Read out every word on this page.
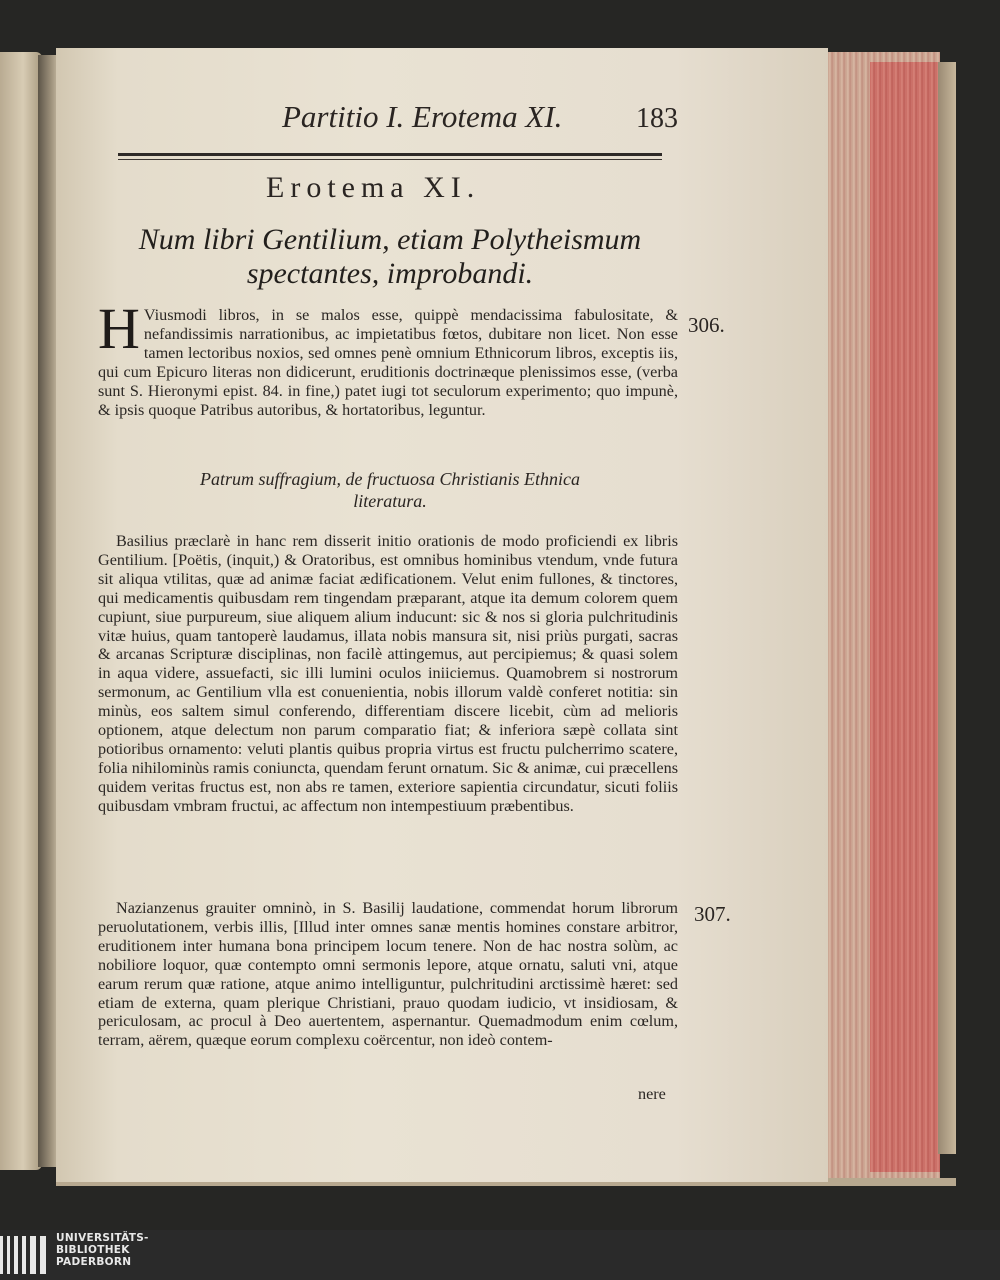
Partitio I. Erotema XI.	183
Erotema XI.
Num libri Gentilium, etiam Polytheismum
spectantes, improbandi.
H Viusmodi libros, in se malos esse, quippè mendacissima fabulositate, & nefandissimis narrationibus, ac impietatibus fœtos, dubitare non licet. Non esse tamen lectoribus noxios, sed omnes penè omnium Ethnicorum libros, exceptis iis, qui cum Epicuro literas non didicerunt, eruditionis doctrinæque plenissimos esse, (verba sunt S. Hieronymi epist. 84. in fine,) patet iugi tot seculorum experimento; quo impunè, & ipsis quoque Patribus autoribus, & hortatoribus, leguntur.
Patrum suffragium, de fructuosa Christianis Ethnica
literatura.
Basilius præclarè in hanc rem disserit initio orationis de modo proficiendi ex libris Gentilium. [Poëtis, (inquit,) & Oratoribus, est omnibus hominibus vtendum, vnde futura sit aliqua vtilitas, quæ ad animæ faciat ædificationem. Velut enim fullones, & tinctores, qui medicamentis quibusdam rem tingendam præparant, atque ita demum colorem quem cupiunt, siue purpureum, siue aliquem alium inducunt: sic & nos si gloria pulchritudinis vitæ huius, quam tantoperè laudamus, illata nobis mansura sit, nisi priùs purgati, sacras & arcanas Scripturæ disciplinas, non facilè attingemus, aut percipiemus; & quasi solem in aqua videre, assuefacti, sic illi lumini oculos iniiciemus. Quamobrem si nostrorum sermonum, ac Gentilium vlla est conuenientia, nobis illorum valdè conferet notitia: sin minùs, eos saltem simul conferendo, differentiam discere licebit, cùm ad melioris optionem, atque delectum non parum comparatio fiat; & inferiora sæpè collata sint potioribus ornamento: veluti plantis quibus propria virtus est fructu pulcherrimo scatere, folia nihilominùs ramis coniuncta, quendam ferunt ornatum. Sic & animæ, cui præcellens quidem veritas fructus est, non abs re tamen, exteriore sapientia circundatur, sicuti foliis quibusdam vmbram fructui, ac affectum non intempestiuum præbentibus.
Nazianzenus grauiter omninò, in S. Basilij laudatione, commendat horum librorum peruolutationem, verbis illis, [Illud inter omnes sanæ mentis homines constare arbitror, eruditionem inter humana bona principem locum tenere. Non de hac nostra solùm, ac nobiliore loquor, quæ contempto omni sermonis lepore, atque ornatu, saluti vni, atque earum rerum quæ ratione, atque animo intelliguntur, pulchritudini arctissimè hæret: sed etiam de externa, quam plerique Christiani, prauo quodam iudicio, vt insidiosam, & periculosam, ac procul à Deo auertentem, aspernantur. Quemadmodum enim cœlum, terram, aërem, quæque eorum complexu coërcentur, non ideò contem-
nere
306.
307.
UNIVERSITÄTS-
BIBLIOTHEK
PADERBORN
